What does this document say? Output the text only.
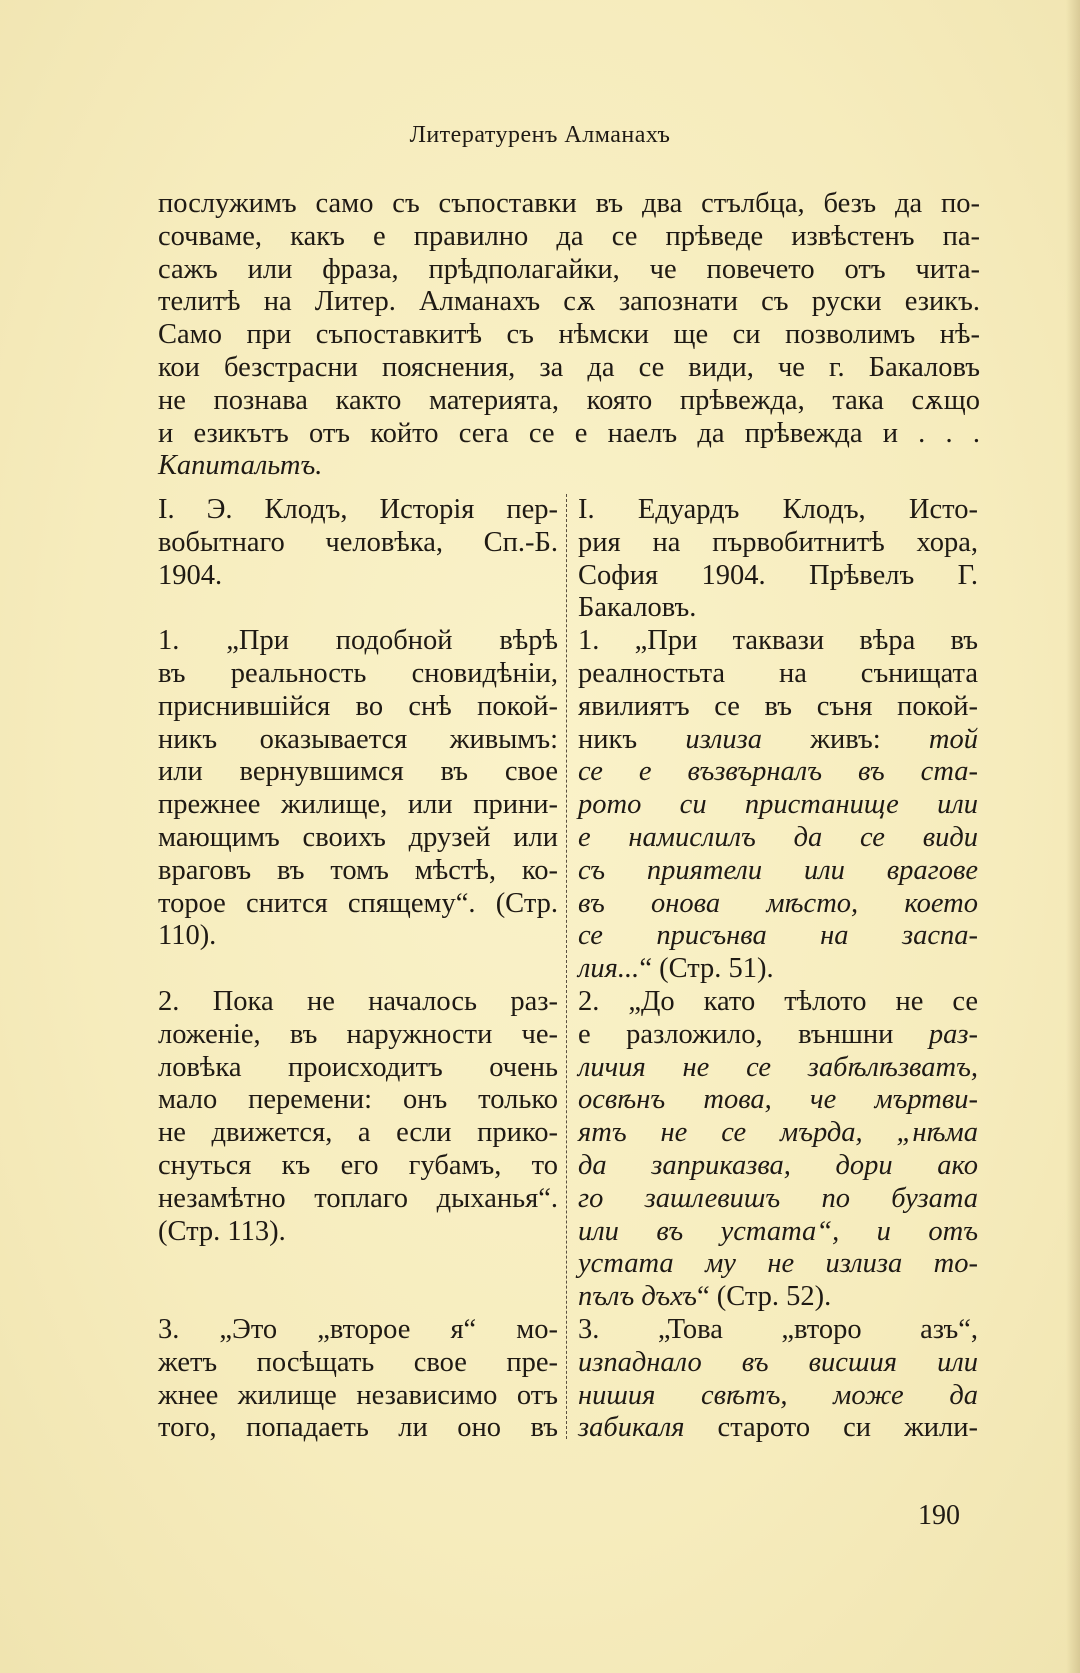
Литературенъ Алманахъ
послужимъ само съ съпоставки въ два стълбца, безъ да по-
сочваме, какъ е правилно да се прѣведе извѣстенъ па-
сажъ или фраза, прѣдполагайки, че повечето отъ чита-
телитѣ на Литер. Алманахъ сѫ запознати съ руски езикъ.
Само при съпоставкитѣ съ нѣмски ще си позволимъ нѣ-
кои безстрасни пояснения, за да се види, че г. Бакаловъ
не познава както материята, която прѣвежда, така сѫщо
и езикътъ отъ който сега се е наелъ да прѣвежда и . . .
Капитальтъ.
I. Э. Клодъ, Исторія пер-
вобытнаго человѣка, Сп.-Б.
1904.
1. „При подобной вѣрѣ
въ реальность сновидѣніи,
приснившійся во снѣ покой-
никъ оказывается живымъ:
или вернувшимся въ свое
прежнее жилище, или прини-
мающимъ своихъ друзей или
враговъ въ томъ мѣстѣ, ко-
торое снится спящему“. (Стр.
110).
2. Пока не началось раз-
ложеніе, въ наружности че-
ловѣка происходитъ очень
мало перемени: онъ только
не движется, а если прико-
снуться къ его губамъ, то
незамѣтно топлаго дыханья“.
(Стр. 113).
3. „Это „второе я“ мо-
жетъ посѣщать свое пре-
жнее жилище независимо отъ
того, попадаеть ли оно въ
I. Едуардъ Клодъ, Исто-
рия на първобитнитѣ хора,
София 1904. Прѣвелъ Г.
Бакаловъ.
1. „При таквази вѣра въ
реалностьта на сънищата
явилиятъ се въ съня покой-
никъ излиза живъ: той
се е възвърналъ въ ста-
рото си пристанище или
е намислилъ да се види
съ приятели или врагове
въ онова мѣсто, което
се присънва на заспа-
лия...“ (Стр. 51).
2. „До като тѣлото не се
е разложило, външни раз-
личия не се забѣлѣзватъ,
освѣнъ това, че мъртви-
ятъ не се мърда, „нѣма
да заприказва, дори ако
го зашлевишъ по бузата
или въ устата“, и отъ
устата му не излиза то-
пълъ дъхъ“ (Стр. 52).
3. „Това „второ азъ“,
изпаднало въ висшия или
нишия свѣтъ, може да
забикаля старото си жили-
190
